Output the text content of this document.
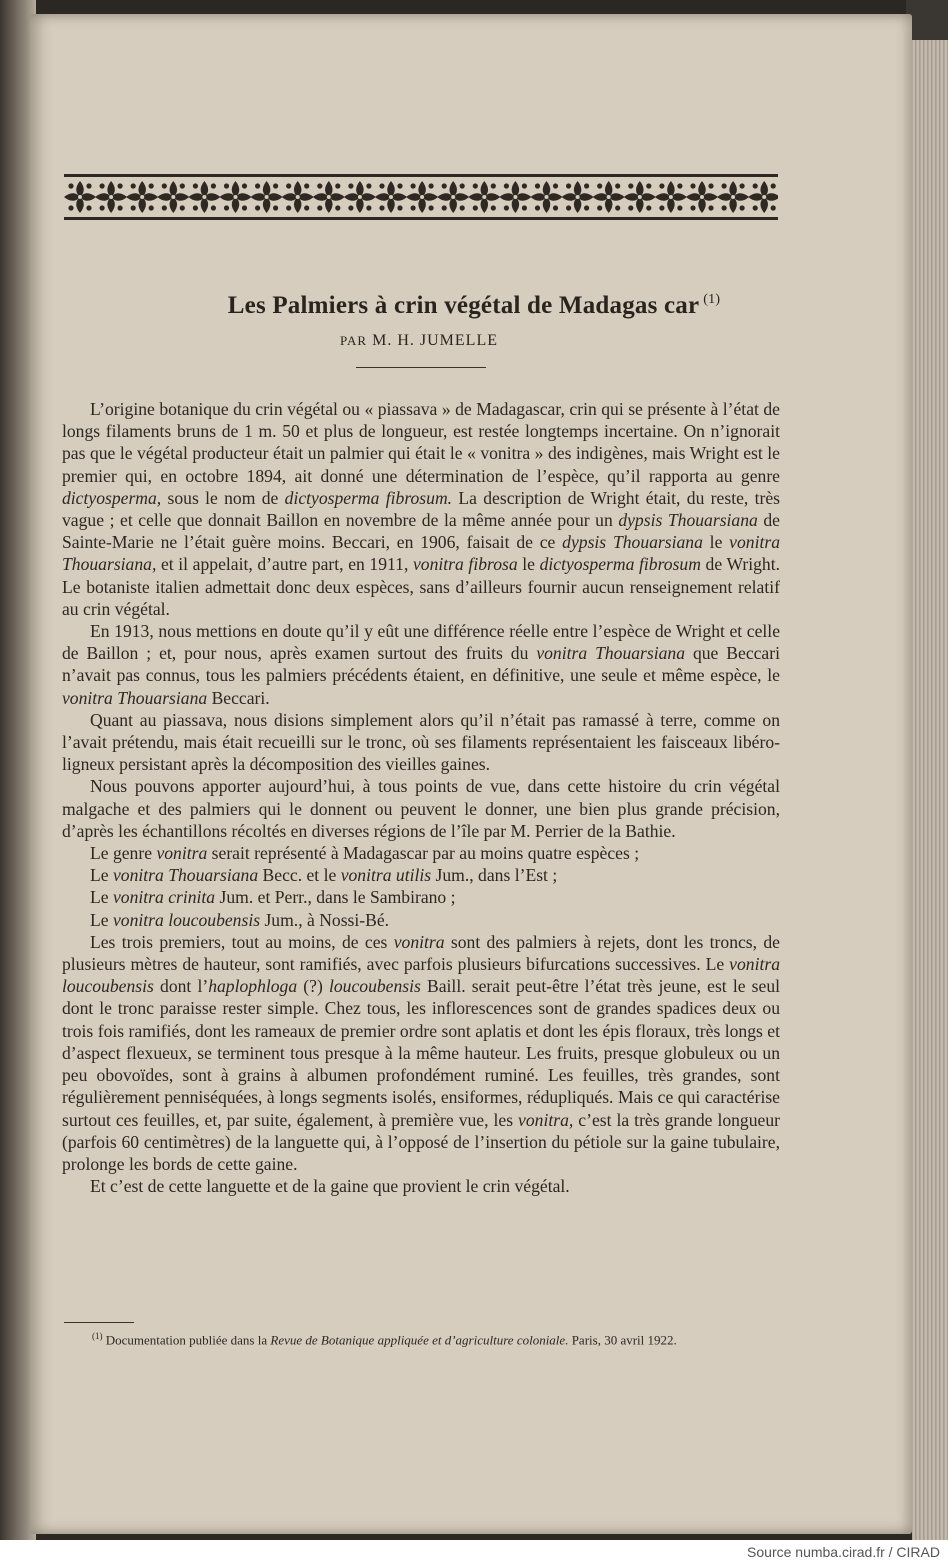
Les Palmiers à crin végétal de Madagas car $^{(1)}$
PAR M. H. JUMELLE

L’origine botanique du crin végétal ou « piassava » de Madagascar, crin qui se présente à l’état de longs filaments bruns de 1 m. 50 et plus de longueur, est restée longtemps incertaine. On n’ignorait pas que le végétal producteur était un palmier qui était le « vonitra » des indigènes, mais Wright est le premier qui, en octobre 1894, ait donné une détermination de l’espèce, qu’il rapporta au genre dictyosperma, sous le nom de dictyosperma fibrosum. La description de Wright était, du reste, très vague ; et celle que donnait Baillon en novembre de la même année pour un dypsis Thouarsiana de Sainte-Marie ne l’était guère moins. Beccari, en 1906, faisait de ce dypsis Thouarsiana le vonitra Thouarsiana, et il appelait, d’autre part, en 1911, vonitra fibrosa le dictyosperma fibrosum de Wright. Le botaniste italien admettait donc deux espèces, sans d’ailleurs fournir aucun renseignement relatif au crin végétal.

En 1913, nous mettions en doute qu’il y eût une différence réelle entre l’espèce de Wright et celle de Baillon ; et, pour nous, après examen surtout des fruits du vonitra Thouarsiana que Beccari n’avait pas connus, tous les palmiers précédents étaient, en définitive, une seule et même espèce, le vonitra Thouarsiana Beccari.

Quant au piassava, nous disions simplement alors qu’il n’était pas ramassé à terre, comme on l’avait prétendu, mais était recueilli sur le tronc, où ses filaments représentaient les faisceaux libéro-ligneux persistant après la décomposition des vieilles gaines.

Nous pouvons apporter aujourd’hui, à tous points de vue, dans cette histoire du crin végétal malgache et des palmiers qui le donnent ou peuvent le donner, une bien plus grande précision, d’après les échantillons récoltés en diverses régions de l’île par M. Perrier de la Bathie.

Le genre vonitra serait représenté à Madagascar par au moins quatre espèces ;

Le vonitra Thouarsiana Becc. et le vonitra utilis Jum., dans l’Est ;

Le vonitra crinita Jum. et Perr., dans le Sambirano ;

Le vonitra loucoubensis Jum., à Nossi-Bé.

Les trois premiers, tout au moins, de ces vonitra sont des palmiers à rejets, dont les troncs, de plusieurs mètres de hauteur, sont ramifiés, avec parfois plusieurs bifurcations successives. Le vonitra loucoubensis dont l’haplophloga (?) loucoubensis Baill. serait peut-être l’état très jeune, est le seul dont le tronc paraisse rester simple. Chez tous, les inflorescences sont de grandes spadices deux ou trois fois ramifiés, dont les rameaux de premier ordre sont aplatis et dont les épis floraux, très longs et d’aspect flexueux, se terminent tous presque à la même hauteur. Les fruits, presque globuleux ou un peu obovoïdes, sont à grains à albumen profondément ruminé. Les feuilles, très grandes, sont régulièrement penniséquées, à longs segments isolés, ensiformes, rédupliqués. Mais ce qui caractérise surtout ces feuilles, et, par suite, également, à première vue, les vonitra, c’est la très grande longueur (parfois 60 centimètres) de la languette qui, à l’opposé de l’insertion du pétiole sur la gaine tubulaire, prolonge les bords de cette gaine.

Et c’est de cette languette et de la gaine que provient le crin végétal.

$^{(1)}$ Documentation publiée dans la Revue de Botanique appliquée et d’agriculture coloniale. Paris, 30 avril 1922.

Source numba.cirad.fr / CIRAD
